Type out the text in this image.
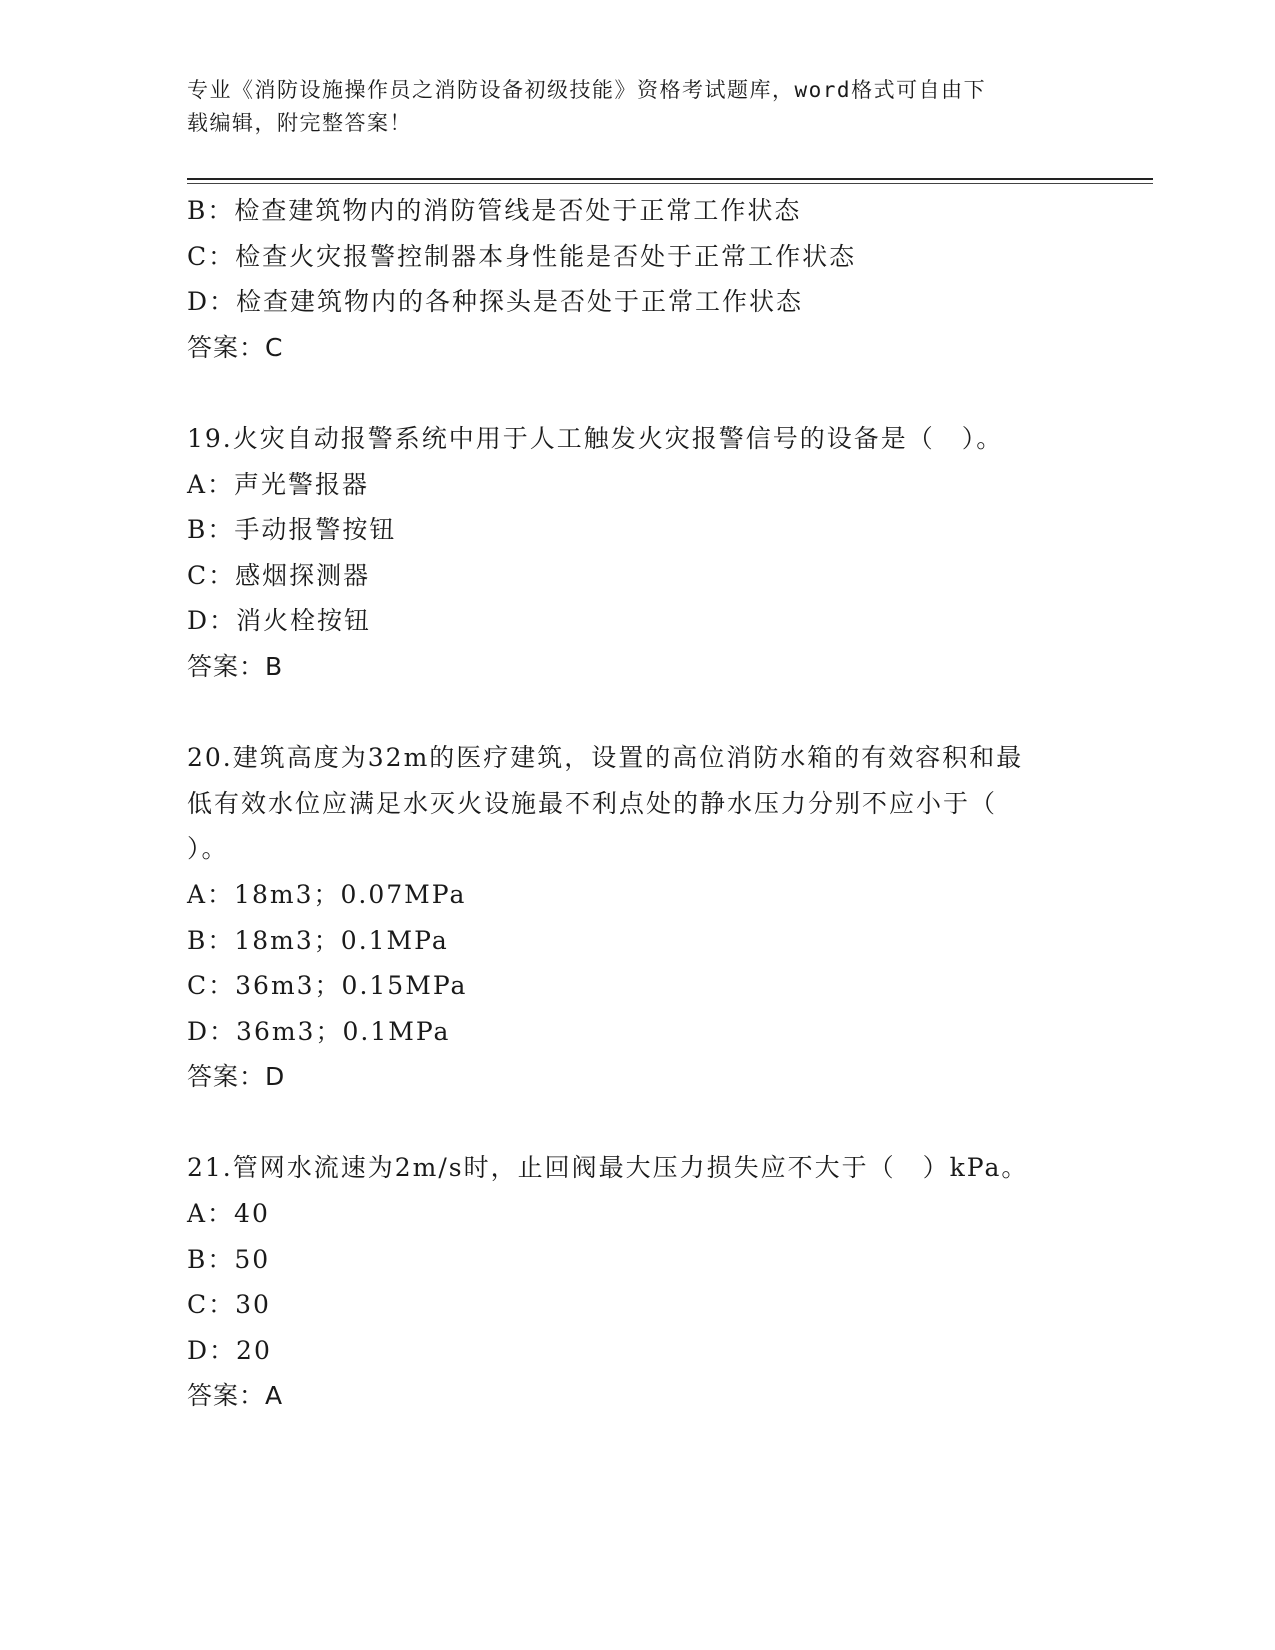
专业《消防设施操作员之消防设备初级技能》资格考试题库，word格式可自由下
载编辑，附完整答案！
B：检查建筑物内的消防管线是否处于正常工作状态
C：检查火灾报警控制器本身性能是否处于正常工作状态
D：检查建筑物内的各种探头是否处于正常工作状态
答案：C
19.火灾自动报警系统中用于人工触发火灾报警信号的设备是（　）。
A：声光警报器
B：手动报警按钮
C：感烟探测器
D：消火栓按钮
答案：B
20.建筑高度为32m的医疗建筑，设置的高位消防水箱的有效容积和最
低有效水位应满足水灭火设施最不利点处的静水压力分别不应小于（
）。
A：18m3；0.07MPa
B：18m3；0.1MPa
C：36m3；0.15MPa
D：36m3；0.1MPa
答案：D
21.管网水流速为2m/s时，止回阀最大压力损失应不大于（　）kPa。
A：40
B：50
C：30
D：20
答案：A
